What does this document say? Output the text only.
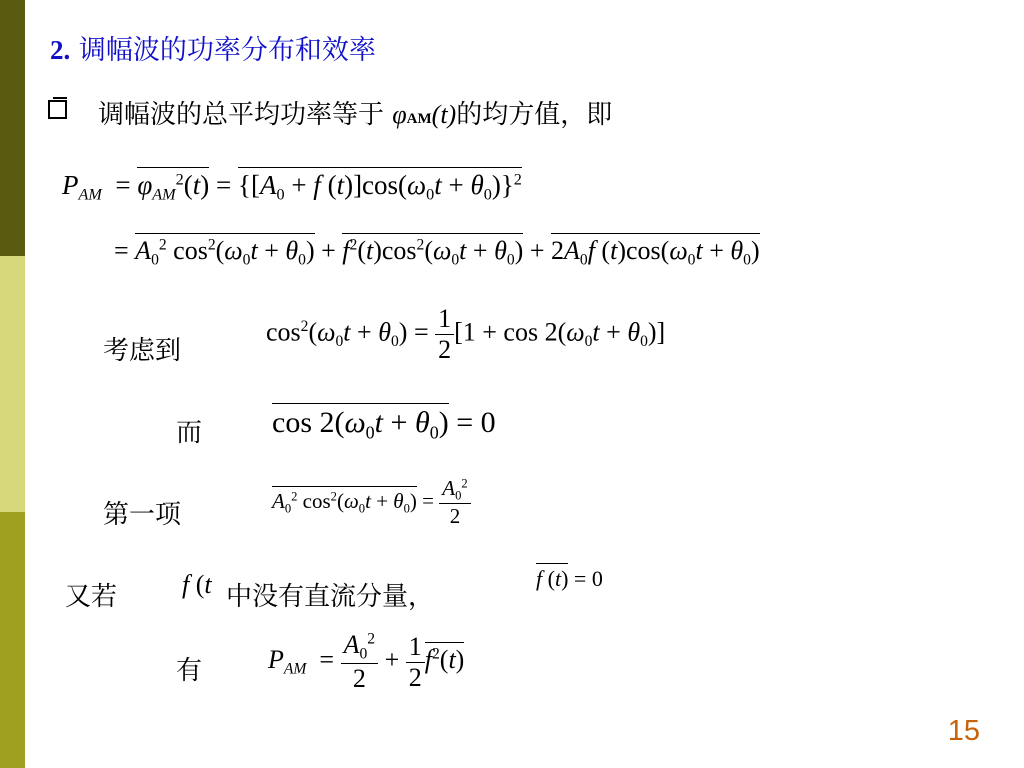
2. 调幅波的功率分布和效率
调幅波的总平均功率等于 φAM(t)的均方值，即
$P_{AM} = \varphi_{AM}^2(t) = \{[A_0 + f$ $(t)]\cos(\omega_0t + \theta_0)\}^2$
= $A_0^2$ $\cos^2(\omega_0t + \theta_0) + f^2(t)\cos^2(\omega_0t + \theta_0) + 2A_0f$ $(t)\cos(\omega_0t + \theta_0)$
考虑到
$\cos^2(\omega_0t + \theta_0) = \frac{1}{2} [1 + \cos 2(\omega_0t + \theta_0)]$
而 $\cos 2(\omega_0t + \theta_0) = 0$
第一项	$A_0^2$ $\cos^2(\omega_0t + \theta_0) = \frac{A_0^2}{2}$
又若 f (t 中没有直流分量，
f (t) = 0
有	$P_{AM} = \frac{A_0^2}{2} + \frac{1}{2} f^2(t)$
15
